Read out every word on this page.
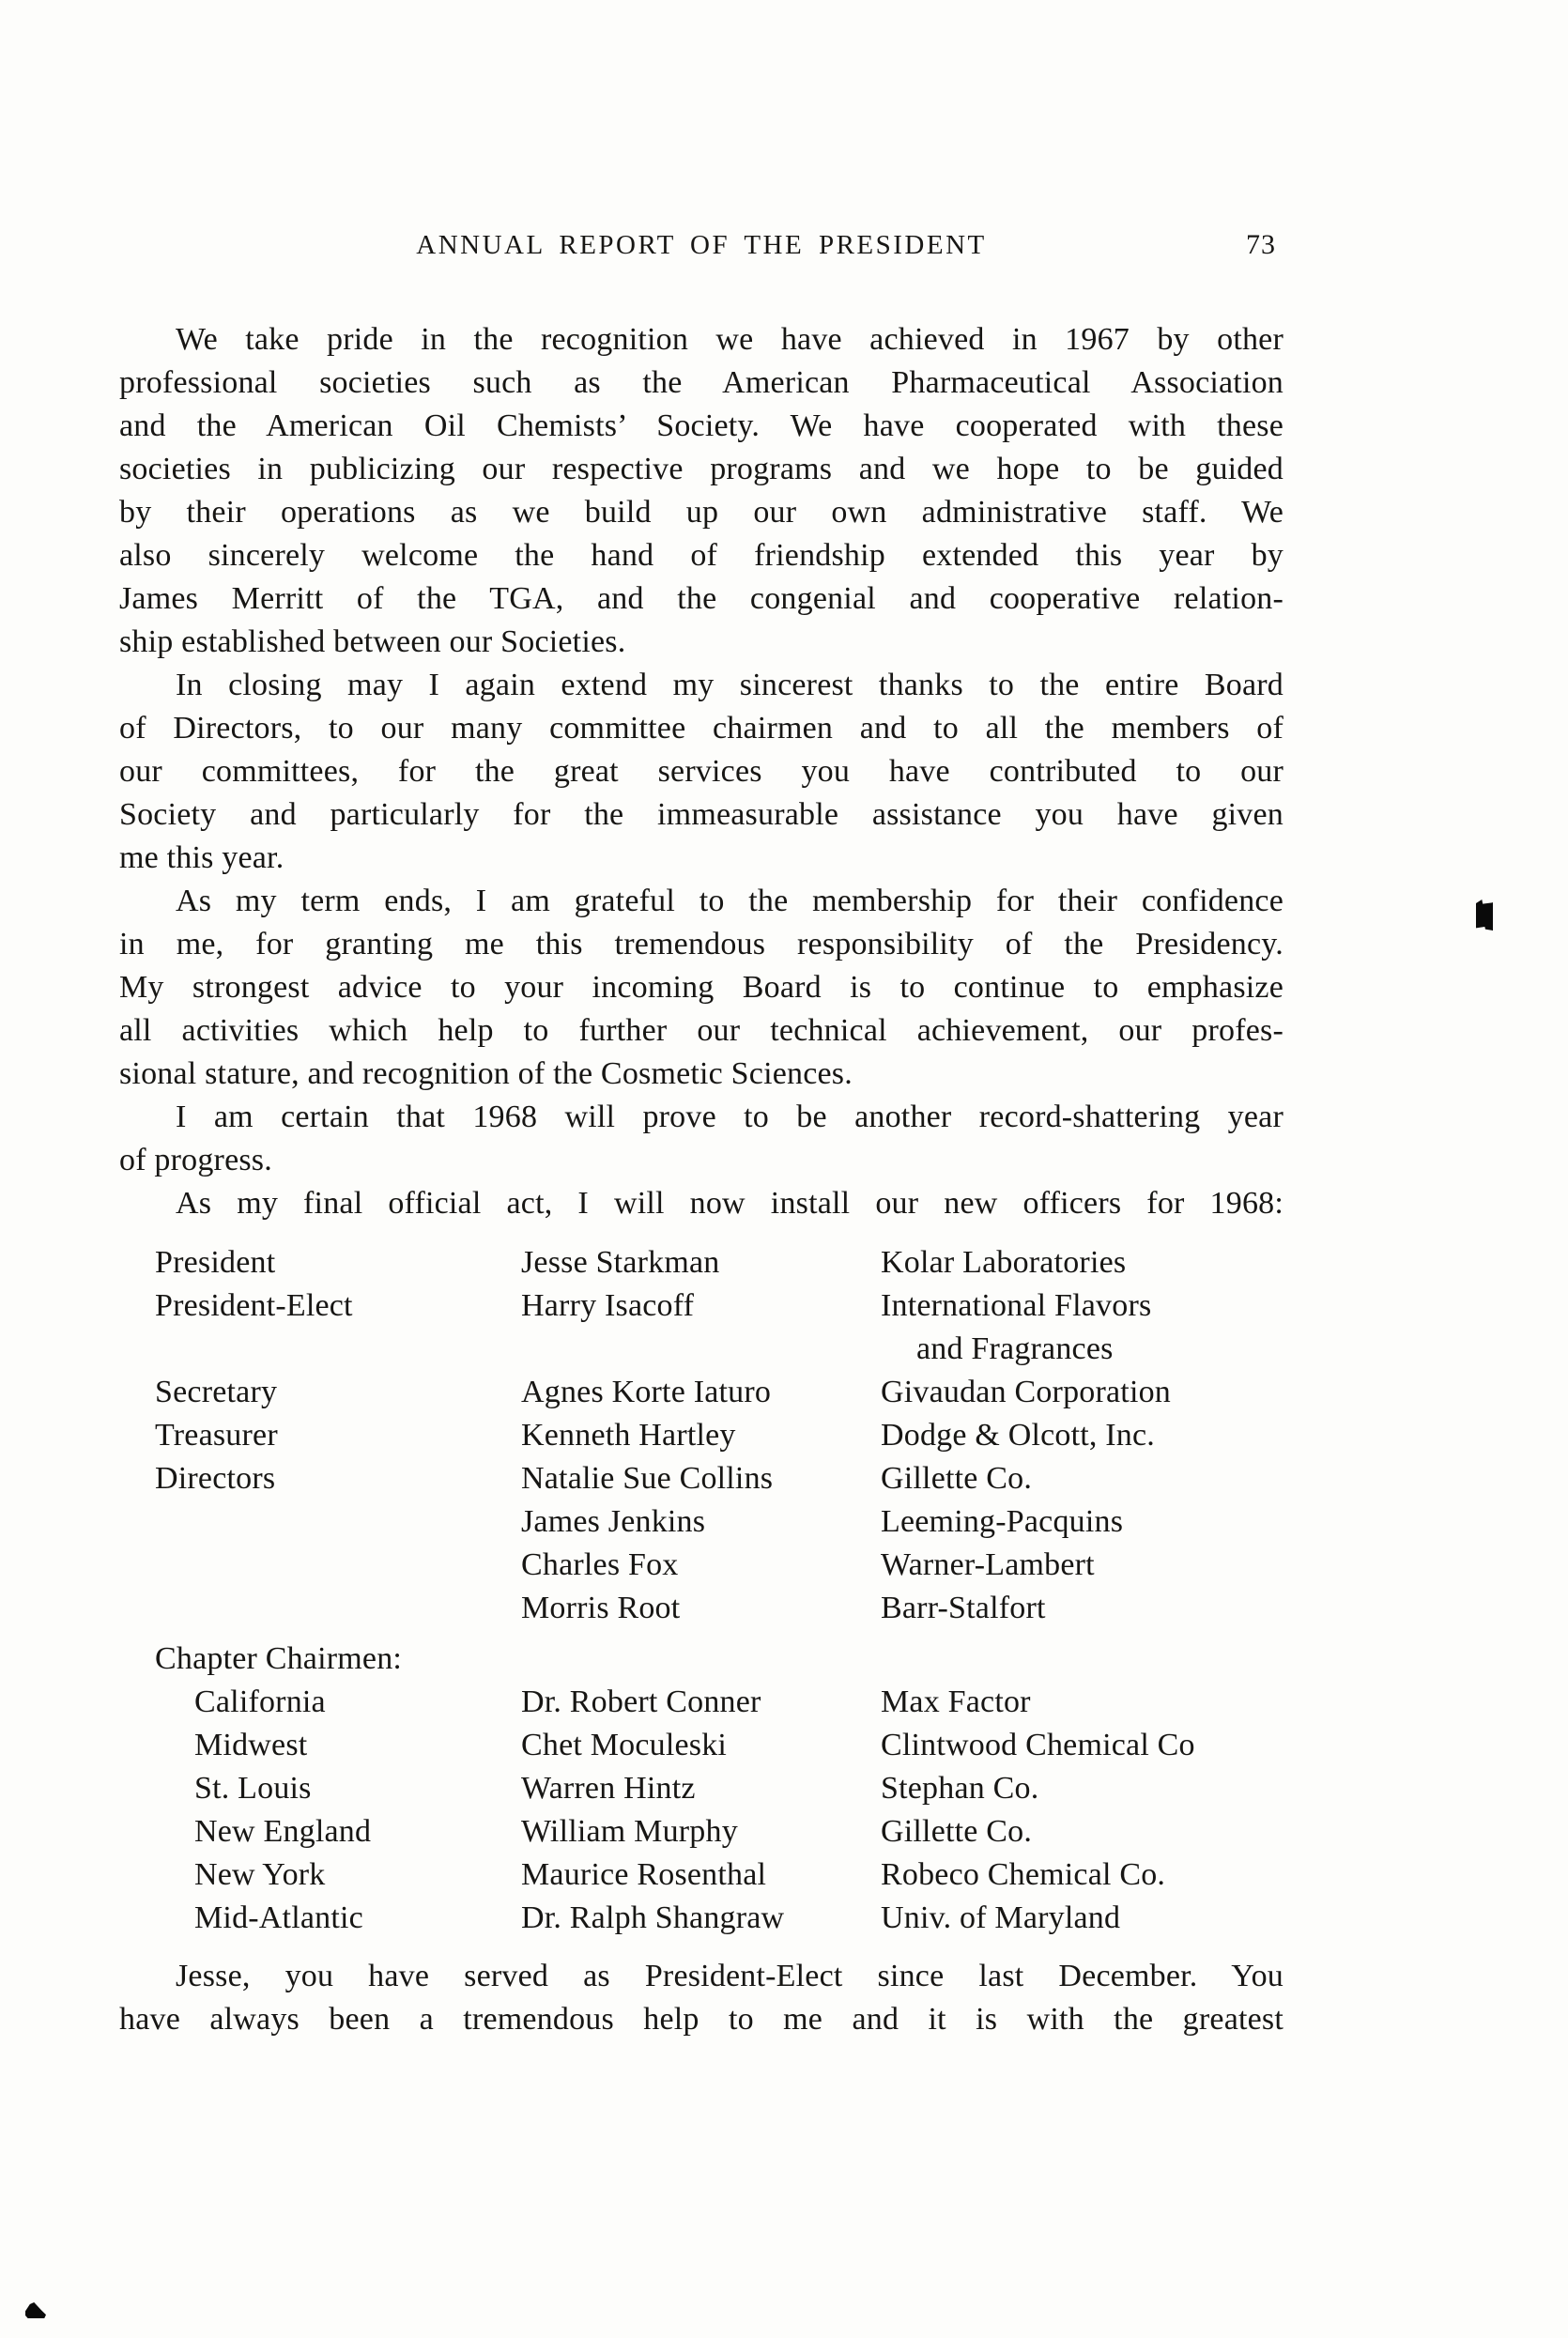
ANNUAL REPORT OF THE PRESIDENT	73
We take pride in the recognition we have achieved in 1967 by other
professional societies such as the American Pharmaceutical Association
and the American Oil Chemists’ Society. We have cooperated with these
societies in publicizing our respective programs and we hope to be guided
by their operations as we build up our own administrative staff. We
also sincerely welcome the hand of friendship extended this year by
James Merritt of the TGA, and the congenial and cooperative relation-
ship established between our Societies.
In closing may I again extend my sincerest thanks to the entire Board
of Directors, to our many committee chairmen and to all the members of
our committees, for the great services you have contributed to our
Society and particularly for the immeasurable assistance you have given
me this year.
As my term ends, I am grateful to the membership for their confidence
in me, for granting me this tremendous responsibility of the Presidency.
My strongest advice to your incoming Board is to continue to emphasize
all activities which help to further our technical achievement, our profes-
sional stature, and recognition of the Cosmetic Sciences.
I am certain that 1968 will prove to be another record-shattering year
of progress.
As my final official act, I will now install our new officers for 1968:
President	Jesse Starkman	Kolar Laboratories
President-Elect	Harry Isacoff	International Flavors
and Fragrances
Secretary	Agnes Korte Iaturo	Givaudan Corporation
Treasurer	Kenneth Hartley	Dodge & Olcott, Inc.
Directors	Natalie Sue Collins	Gillette Co.
James Jenkins	Leeming-Pacquins
Charles Fox	Warner-Lambert
Morris Root	Barr-Stalfort
Chapter Chairmen:
California	Dr. Robert Conner	Max Factor
Midwest	Chet Moculeski	Clintwood Chemical Co
St. Louis	Warren Hintz	Stephan Co.
New England	William Murphy	Gillette Co.
New York	Maurice Rosenthal	Robeco Chemical Co.
Mid-Atlantic	Dr. Ralph Shangraw	Univ. of Maryland
Jesse, you have served as President-Elect since last December. You
have always been a tremendous help to me and it is with the greatest
